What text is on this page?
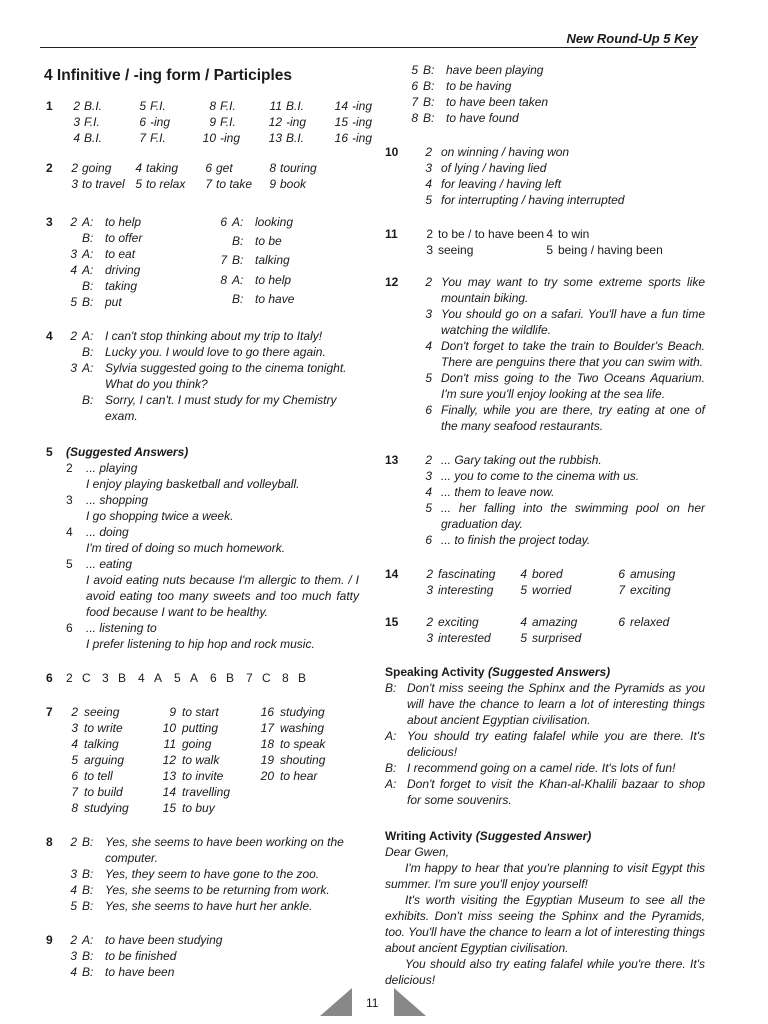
New Round-Up 5 Key
4 Infinitive / -ing form / Participles
1	2 B.I.	5 F.I.	8 F.I.	11 B.I.	14 -ing
3 F.I.	6 -ing	9 F.I.	12 -ing	15 -ing
4 B.I.	7 F.I.	10 -ing	13 B.I.	16 -ing
2	2 going	4 taking	6 get	8 touring
3 to travel 5 to relax	7 to take	9 book
3	2 A: to help
B: to offer
3 A: to eat
4 A: driving
B: taking
5 B: put
6 A: looking
B: to be
7 B: talking
8 A: to help
B: to have
4	2 A: I can't stop thinking about my trip to Italy!
B: Lucky you. I would love to go there again.
3 A: Sylvia suggested going to the cinema tonight. What do you think?
B: Sorry, I can't. I must study for my Chemistry exam.
5 (Suggested Answers)
2	... playing
I enjoy playing basketball and volleyball.
3	... shopping
I go shopping twice a week.
4	... doing
I'm tired of doing so much homework.
5	... eating
I avoid eating nuts because I'm allergic to them. / I avoid eating too many sweets and too much fatty food because I want to be healthy.
6	... listening to
I prefer listening to hip hop and rock music.
6 2 C 3 B 4 A 5 A 6 B 7 C 8 B
7	2 seeing	9 to start	16 studying
3 to write	10 putting	17 washing
4 talking	11 going	18 to speak
5 arguing	12 to walk	19 shouting
6 to tell	13 to invite	20 to hear
7 to build	14 travelling
8 studying	15 to buy
8	2 B: Yes, she seems to have been working on the computer.
3 B: Yes, they seem to have gone to the zoo.
4 B: Yes, she seems to be returning from work.
5 B: Yes, she seems to have hurt her ankle.
9	2 A: to have been studying
3 B: to be finished
4 B: to have been
5 B: have been playing
6 B: to be having
7 B: to have been taken
8 B: to have found
10	2 on winning / having won
3 of lying / having lied
4 for leaving / having left
5 for interrupting / having interrupted
11	2 to be / to have been 4 to win
3 seeing	5 being / having been
12	2 You may want to try some extreme sports like mountain biking.
3 You should go on a safari. You'll have a fun time watching the wildlife.
4 Don't forget to take the train to Boulder's Beach. There are penguins there that you can swim with.
5 Don't miss going to the Two Oceans Aquarium. I'm sure you'll enjoy looking at the sea life.
6 Finally, while you are there, try eating at one of the many seafood restaurants.
13	2 ... Gary taking out the rubbish.
3 ... you to come to the cinema with us.
4 ... them to leave now.
5 ... her falling into the swimming pool on her graduation day.
6 ... to finish the project today.
14	2 fascinating	4 bored	6 amusing
3 interesting	5 worried	7 exciting
15	2 exciting	4 amazing	6 relaxed
3 interested	5 surprised
Speaking Activity (Suggested Answers)
B: Don't miss seeing the Sphinx and the Pyramids as you will have the chance to learn a lot of interesting things about ancient Egyptian civilisation.
A: You should try eating falafel while you are there. It's delicious!
B: I recommend going on a camel ride. It's lots of fun!
A: Don't forget to visit the Khan-al-Khalili bazaar to shop for some souvenirs.
Writing Activity (Suggested Answer)
Dear Gwen,
I'm happy to hear that you're planning to visit Egypt this summer. I'm sure you'll enjoy yourself!
It's worth visiting the Egyptian Museum to see all the exhibits. Don't miss seeing the Sphinx and the Pyramids, too. You'll have the chance to learn a lot of interesting things about ancient Egyptian civilisation.
You should also try eating falafel while you're there. It's delicious!
11
